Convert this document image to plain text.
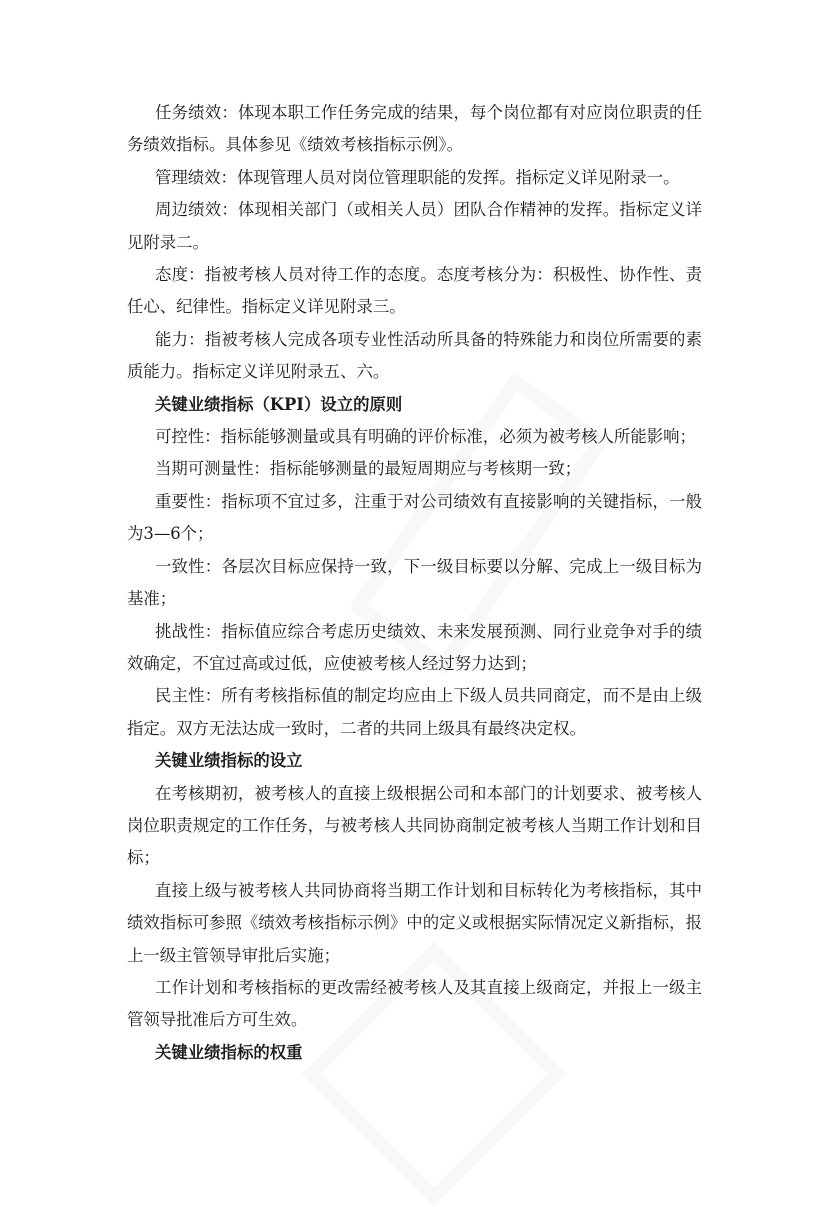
任务绩效：体现本职工作任务完成的结果，每个岗位都有对应岗位职责的任务绩效指标。具体参见《绩效考核指标示例》。

管理绩效：体现管理人员对岗位管理职能的发挥。指标定义详见附录一。

周边绩效：体现相关部门（或相关人员）团队合作精神的发挥。指标定义详见附录二。

态度：指被考核人员对待工作的态度。态度考核分为：积极性、协作性、责任心、纪律性。指标定义详见附录三。

能力：指被考核人完成各项专业性活动所具备的特殊能力和岗位所需要的素质能力。指标定义详见附录五、六。

关键业绩指标（KPI）设立的原则

可控性：指标能够测量或具有明确的评价标准，必须为被考核人所能影响；

当期可测量性：指标能够测量的最短周期应与考核期一致；

重要性：指标项不宜过多，注重于对公司绩效有直接影响的关键指标，一般为3—6个；

一致性：各层次目标应保持一致，下一级目标要以分解、完成上一级目标为基准；

挑战性：指标值应综合考虑历史绩效、未来发展预测、同行业竞争对手的绩效确定，不宜过高或过低，应使被考核人经过努力达到；

民主性：所有考核指标值的制定均应由上下级人员共同商定，而不是由上级指定。双方无法达成一致时，二者的共同上级具有最终决定权。

关键业绩指标的设立

在考核期初，被考核人的直接上级根据公司和本部门的计划要求、被考核人岗位职责规定的工作任务，与被考核人共同协商制定被考核人当期工作计划和目标；

直接上级与被考核人共同协商将当期工作计划和目标转化为考核指标，其中绩效指标可参照《绩效考核指标示例》中的定义或根据实际情况定义新指标，报上一级主管领导审批后实施；

工作计划和考核指标的更改需经被考核人及其直接上级商定，并报上一级主管领导批准后方可生效。

关键业绩指标的权重
